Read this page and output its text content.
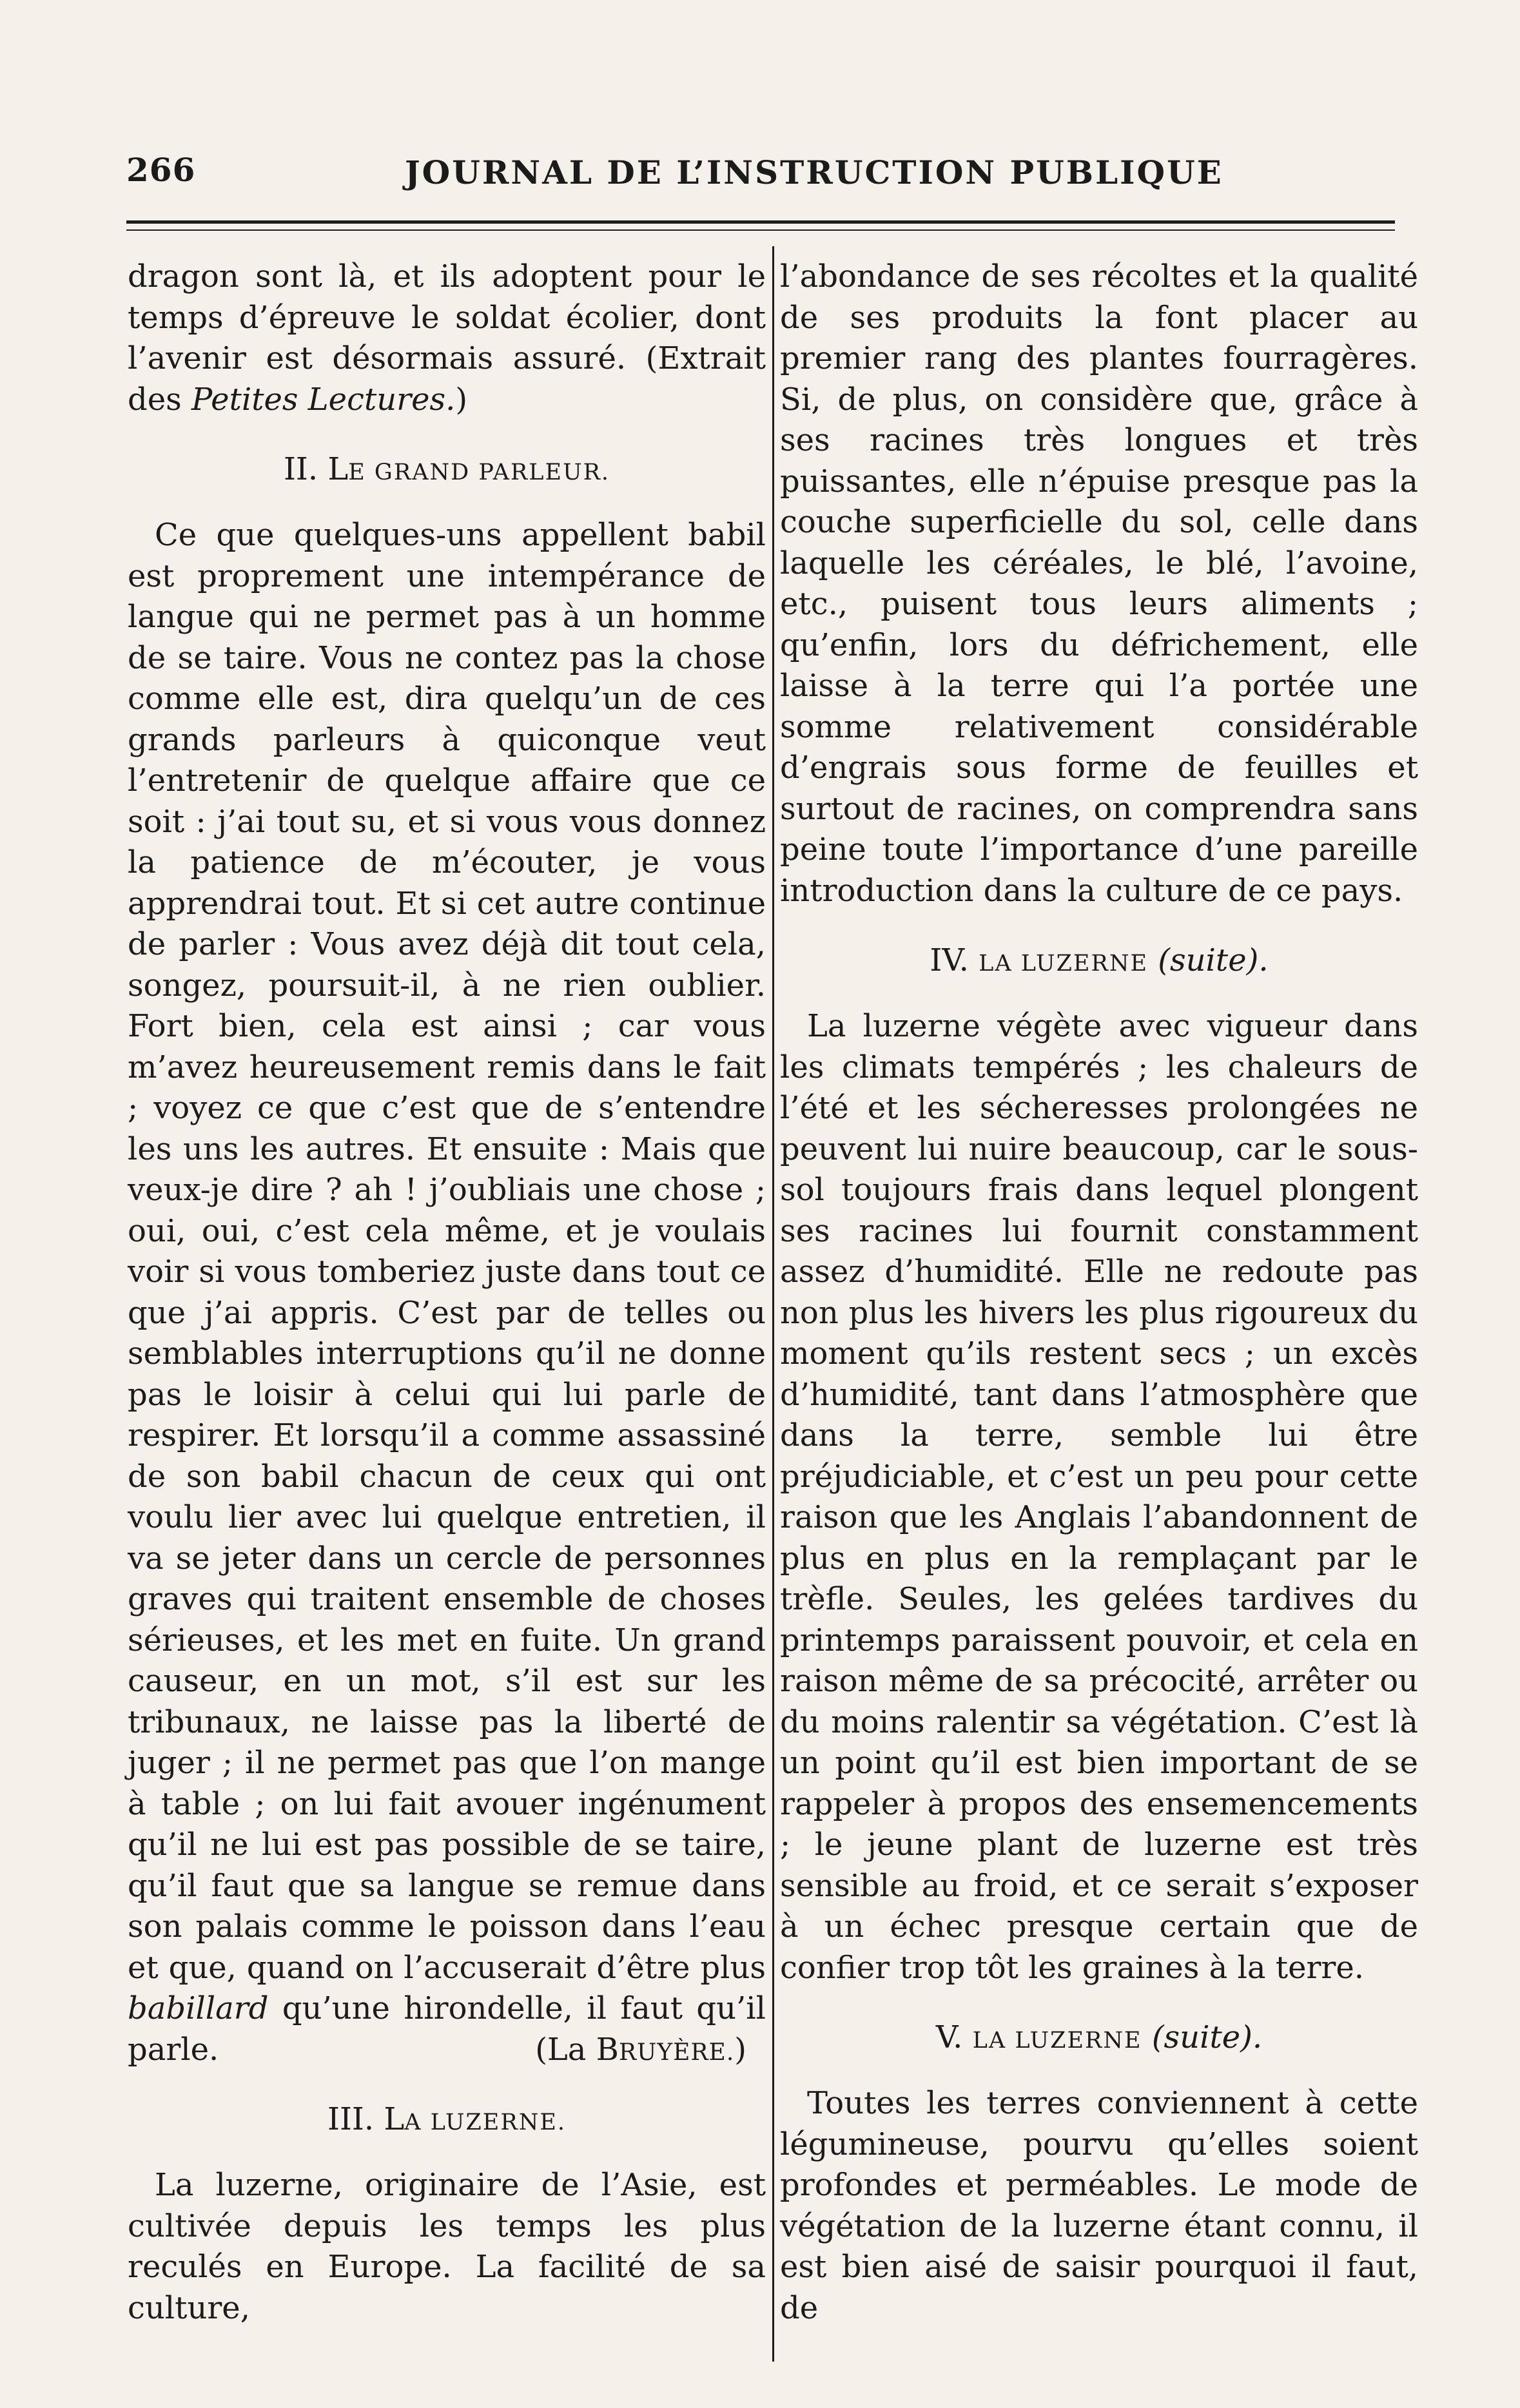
266	JOURNAL DE L’INSTRUCTION PUBLIQUE

dragon sont là, et ils adoptent pour le temps d’épreuve le soldat écolier, dont l’avenir est désormais assuré. (Extrait des Petites Lectures.)

II. LE GRAND PARLEUR.

Ce que quelques-uns appellent babil est proprement une intempérance de langue qui ne permet pas à un homme de se taire. Vous ne contez pas la chose comme elle est, dira quelqu’un de ces grands parleurs à quiconque veut l’entretenir de quelque affaire que ce soit : j’ai tout su, et si vous vous donnez la patience de m’écouter, je vous apprendrai tout. Et si cet autre continue de parler : Vous avez déjà dit tout cela, songez, poursuit-il, à ne rien oublier. Fort bien, cela est ainsi ; car vous m’avez heureusement remis dans le fait ; voyez ce que c’est que de s’entendre les uns les autres. Et ensuite : Mais que veux-je dire ? ah ! j’oubliais une chose ; oui, oui, c’est cela même, et je voulais voir si vous tomberiez juste dans tout ce que j’ai appris. C’est par de telles ou semblables interruptions qu’il ne donne pas le loisir à celui qui lui parle de respirer. Et lorsqu’il a comme assassiné de son babil chacun de ceux qui ont voulu lier avec lui quelque entretien, il va se jeter dans un cercle de personnes graves qui traitent ensemble de choses sérieuses, et les met en fuite. Un grand causeur, en un mot, s’il est sur les tribunaux, ne laisse pas la liberté de juger ; il ne permet pas que l’on mange à table ; on lui fait avouer ingénument qu’il ne lui est pas possible de se taire, qu’il faut que sa langue se remue dans son palais comme le poisson dans l’eau et que, quand on l’accuserait d’être plus babillard qu’une hirondelle, il faut qu’il parle.	(La BRUYÈRE.)

III. LA LUZERNE.

La luzerne, originaire de l’Asie, est cultivée depuis les temps les plus reculés en Europe. La facilité de sa culture,

l’abondance de ses récoltes et la qualité de ses produits la font placer au premier rang des plantes fourragères. Si, de plus, on considère que, grâce à ses racines très longues et très puissantes, elle n’épuise presque pas la couche superficielle du sol, celle dans laquelle les céréales, le blé, l’avoine, etc., puisent tous leurs aliments ; qu’enfin, lors du défrichement, elle laisse à la terre qui l’a portée une somme relativement considérable d’engrais sous forme de feuilles et surtout de racines, on comprendra sans peine toute l’importance d’une pareille introduction dans la culture de ce pays.

IV. LA LUZERNE (suite).

La luzerne végète avec vigueur dans les climats tempérés ; les chaleurs de l’été et les sécheresses prolongées ne peuvent lui nuire beaucoup, car le sous-sol toujours frais dans lequel plongent ses racines lui fournit constamment assez d’humidité. Elle ne redoute pas non plus les hivers les plus rigoureux du moment qu’ils restent secs ; un excès d’humidité, tant dans l’atmosphère que dans la terre, semble lui être préjudiciable, et c’est un peu pour cette raison que les Anglais l’abandonnent de plus en plus en la remplaçant par le trèfle. Seules, les gelées tardives du printemps paraissent pouvoir, et cela en raison même de sa précocité, arrêter ou du moins ralentir sa végétation. C’est là un point qu’il est bien important de se rappeler à propos des ensemencements ; le jeune plant de luzerne est très sensible au froid, et ce serait s’exposer à un échec presque certain que de confier trop tôt les graines à la terre.

V. LA LUZERNE (suite).

Toutes les terres conviennent à cette légumineuse, pourvu qu’elles soient profondes et perméables. Le mode de végétation de la luzerne étant connu, il est bien aisé de saisir pourquoi il faut, de
